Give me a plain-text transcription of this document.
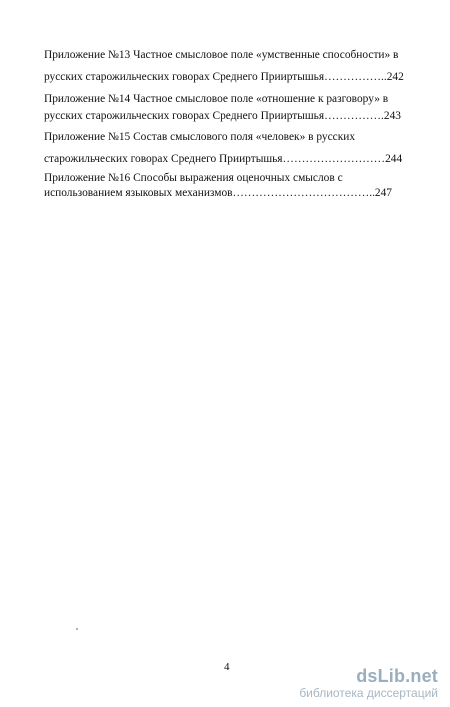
Приложение №13 Частное смысловое поле «умственные способности» в
русских старожильческих говорах Среднего Прииртышья……………..242
Приложение №14 Частное смысловое поле «отношение к разговору» в
русских старожильческих говорах Среднего Прииртышья…………….243
Приложение №15 Состав смыслового поля «человек» в русских
старожильческих говорах Среднего Прииртышья………………………244
Приложение №16 Способы выражения оценочных смыслов с
использованием языковых механизмов………………………………..247
4	dsLib.net
библиотека диссертаций
